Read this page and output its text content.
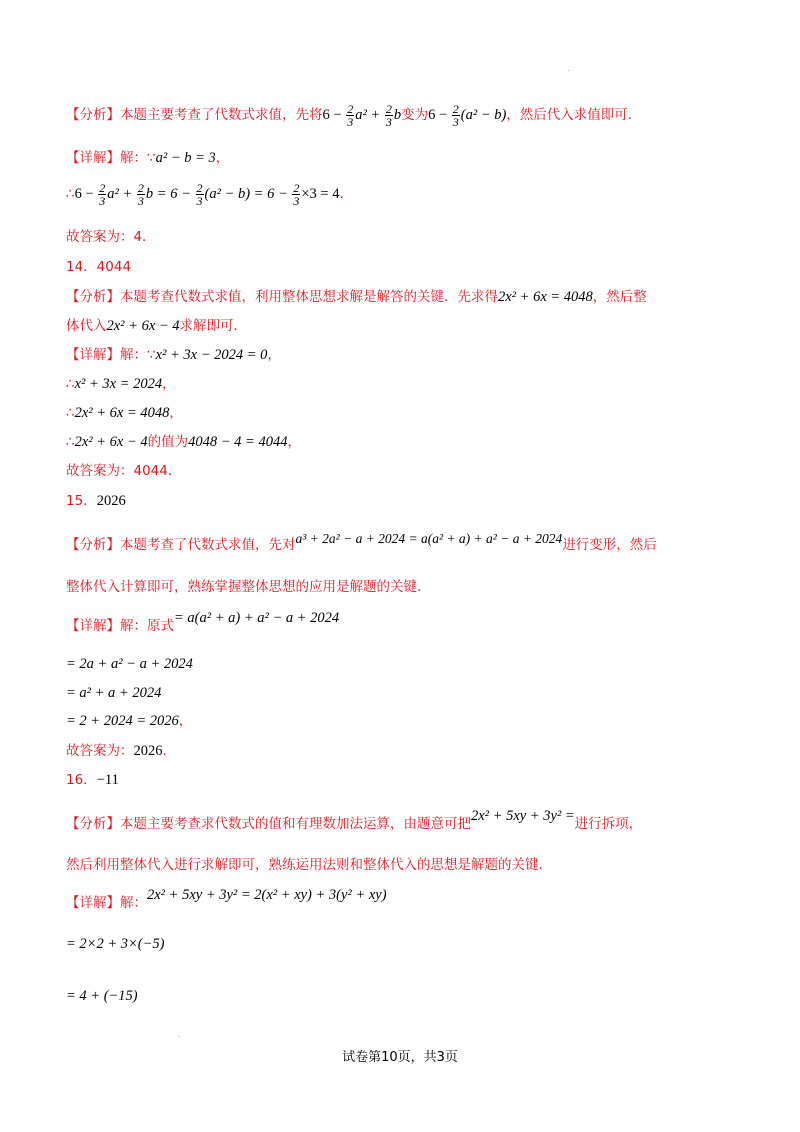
.
【分析】本题主要考查了代数式求值，先将$6 - \frac{2}{3} a^2 + \frac{2}{3}$ b变为$6 - \frac{2}{3} (a^2 - b)$，然后代入求值即可．
【详解】解：∵a² − b = 3，
∴6 − $\frac{2}{3} a^2 + \frac{2}{3}$ $b = 6 - \frac{2}{3} (a^2 - b) = 6 - \frac{2}{3} \times 3 = 4$．
故答案为：4．
14．4044
【分析】本题考查代数式求值，利用整体思想求解是解答的关键．先求得2x² + 6x = 4048，然后整
体代入2x² + 6x − 4求解即可．
【详解】解：∵x² + 3x − 2024 = 0，
∴x² + 3x = 2024，
∴2x² + 6x = 4048，
∴2x² + 6x − 4的值为4048 − 4 = 4044，
故答案为：4044．
15．2026
【分析】本题考查了代数式求值，先对a³ + 2a² − a + 2024 = a(a² + a) + a² − a + 2024进行变形，然后
整体代入计算即可，熟练掌握整体思想的应用是解题的关键．
【详解】解：原式= a(a² + a) + a² − a + 2024
= 2a + a² − a + 2024
= a² + a + 2024
= 2 + 2024 = 2026，
故答案为：2026．
16．−11
【分析】本题主要考查求代数式的值和有理数加法运算，由题意可把2x² + 5xy + 3y² =进行拆项，
然后利用整体代入进行求解即可，熟练运用法则和整体代入的思想是解题的关键．
【详解】解：2x² + 5xy + 3y² = 2(x² + xy) + 3(y² + xy)
= 2×2 + 3×(−5)
= 4 + (−15)
.
试卷第10页，共3页
